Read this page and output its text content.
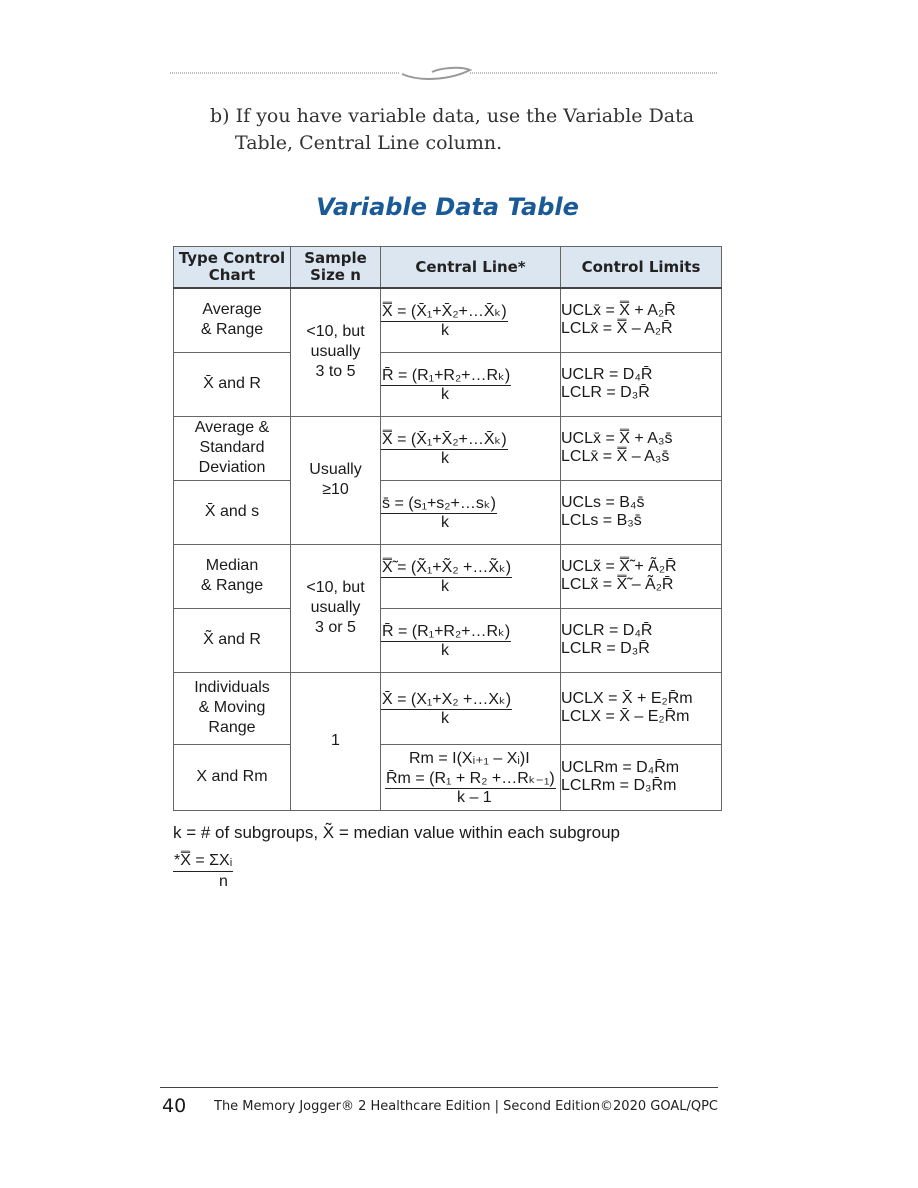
b) If you have variable data, use the Variable Data
Table, Central Line column.
Variable Data Table
Type Control
Chart	Sample
Size n	Central Line*	Control Limits
Average
& Range	<10, but
usually
3 to 5	X̿ = (X̄₁+X̄₂+…X̄ₖ)
k	UCLx̄ = X̿ + A₂R̄
LCLx̄ = X̿ – A₂R̄

X̄ and R		R̄ = (R₁+R₂+…Rₖ)
k	UCLR = D₄R̄
LCLR = D₃R̄

Average &
Standard
Deviation	Usually
≥10	X̿ = (X̄₁+X̄₂+…X̄ₖ)
k	UCLx̄ = X̿ + A₃s̄
LCLx̄ = X̿ – A₃s̄

X̄ and s		s̄ = (s₁+s₂+…sₖ)
k	UCLs = B₄s̄
LCLs = B₃s̄

Median
& Range	<10, but
usually
3 or 5	X̿̃ = (X̃₁+X̃₂ +…X̃ₖ)
k	UCLx̃ = X̿̃ + Ã₂R̄
LCLx̃ = X̿̃ – Ã₂R̄

X̃ and R		R̄ = (R₁+R₂+…Rₖ)
k	UCLR = D₄R̄
LCLR = D₃R̄

Individuals
& Moving
Range	1	X̄ = (X₁+X₂ +…Xₖ)
k	UCLX = X̄ + E₂R̄m
LCLX = X̄ – E₂R̄m

X and Rm		Rm = I(Xᵢ₊₁ – Xᵢ)I
R̄m = (R₁ + R₂ +…Rₖ₋₁)
k – 1	UCLRm = D₄R̄m
LCLRm = D₃R̄m
k = # of subgroups, X̃ = median value within each subgroup
*X̿ = ΣXᵢ
n
40 The Memory Jogger® 2 Healthcare Edition | Second Edition ©2020 GOAL/QPC
